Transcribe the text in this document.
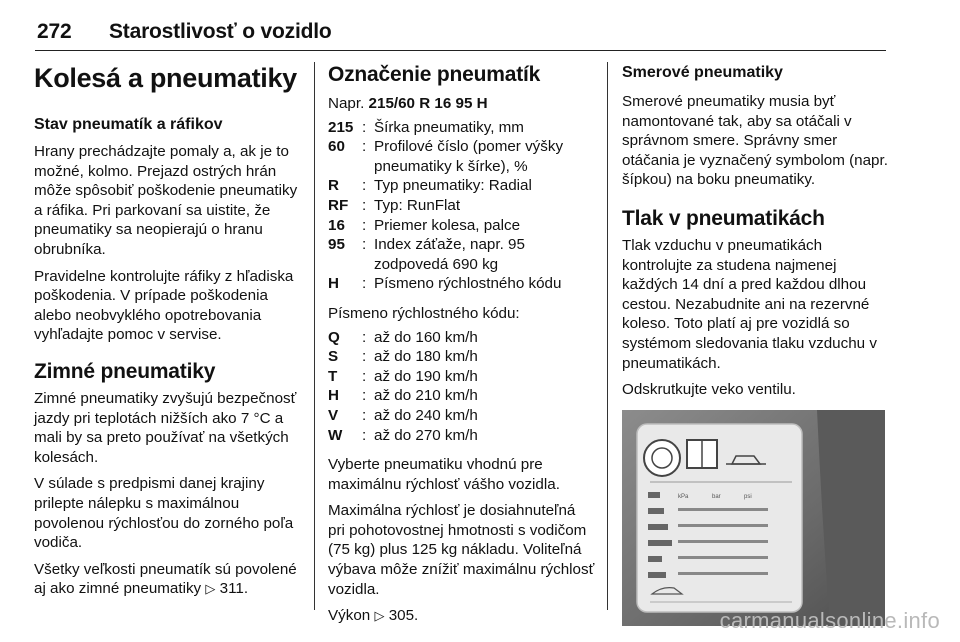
272 Starostlivosť o vozidlo
Kolesá a pneumatiky
Stav pneumatík a ráfikov

Hrany prechádzajte pomaly a, ak je to možné, kolmo. Prejazd ostrých hrán môže spôsobiť poškodenie pneumatiky a ráfika. Pri parkovaní sa uistite, že pneumatiky sa neopierajú o hranu obrubníka.

Pravidelne kontrolujte ráfiky z hľadiska poškodenia. V prípade poškodenia alebo neobvyklého opotrebovania vyhľadajte pomoc v servise.

Zimné pneumatiky

Zimné pneumatiky zvyšujú bezpečnosť jazdy pri teplotách nižších ako 7 °C a mali by sa preto používať na všetkých kolesách.

V súlade s predpismi danej krajiny prilepte nálepku s maximálnou povolenou rýchlosťou do zorného poľa vodiča.

Všetky veľkosti pneumatík sú povolené aj ako zimné pneumatiky ▷ 311.

Označenie pneumatík
Napr. 215/60 R 16 95 H
215 : Šírka pneumatiky, mm
60	: Profilové číslo (pomer výšky pneumatiky k šírke), %
R	: Typ pneumatiky: Radial
RF : Typ: RunFlat
16	: Priemer kolesa, palce
95	: Index záťaže, napr. 95 zodpovedá 690 kg
H	: Písmeno rýchlostného kódu
Písmeno rýchlostného kódu:
Q	: až do 160 km/h
S	: až do 180 km/h
T	: až do 190 km/h
H	: až do 210 km/h
V	: až do 240 km/h
W	: až do 270 km/h

Vyberte pneumatiku vhodnú pre maximálnu rýchlosť vášho vozidla.

Maximálna rýchlosť je dosiahnuteľná pri pohotovostnej hmotnosti s vodičom (75 kg) plus 125 kg nákladu. Voliteľná výbava môže znížiť maximálnu rýchlosť vozidla.

Výkon ▷ 305.

Smerové pneumatiky

Smerové pneumatiky musia byť namontované tak, aby sa otáčali v správnom smere. Správny smer otáčania je vyznačený symbolom (napr. šípkou) na boku pneumatiky.

Tlak v pneumatikách

Tlak vzduchu v pneumatikách kontrolujte za studena najmenej každých 14 dní a pred každou dlhou cestou. Nezabudnite ani na rezervné koleso. Toto platí aj pre vozidlá so systémom sledovania tlaku vzduchu v pneumatikách.

Odskrutkujte veko ventilu.

kPa	bar	psi
carmanualsonline.info
